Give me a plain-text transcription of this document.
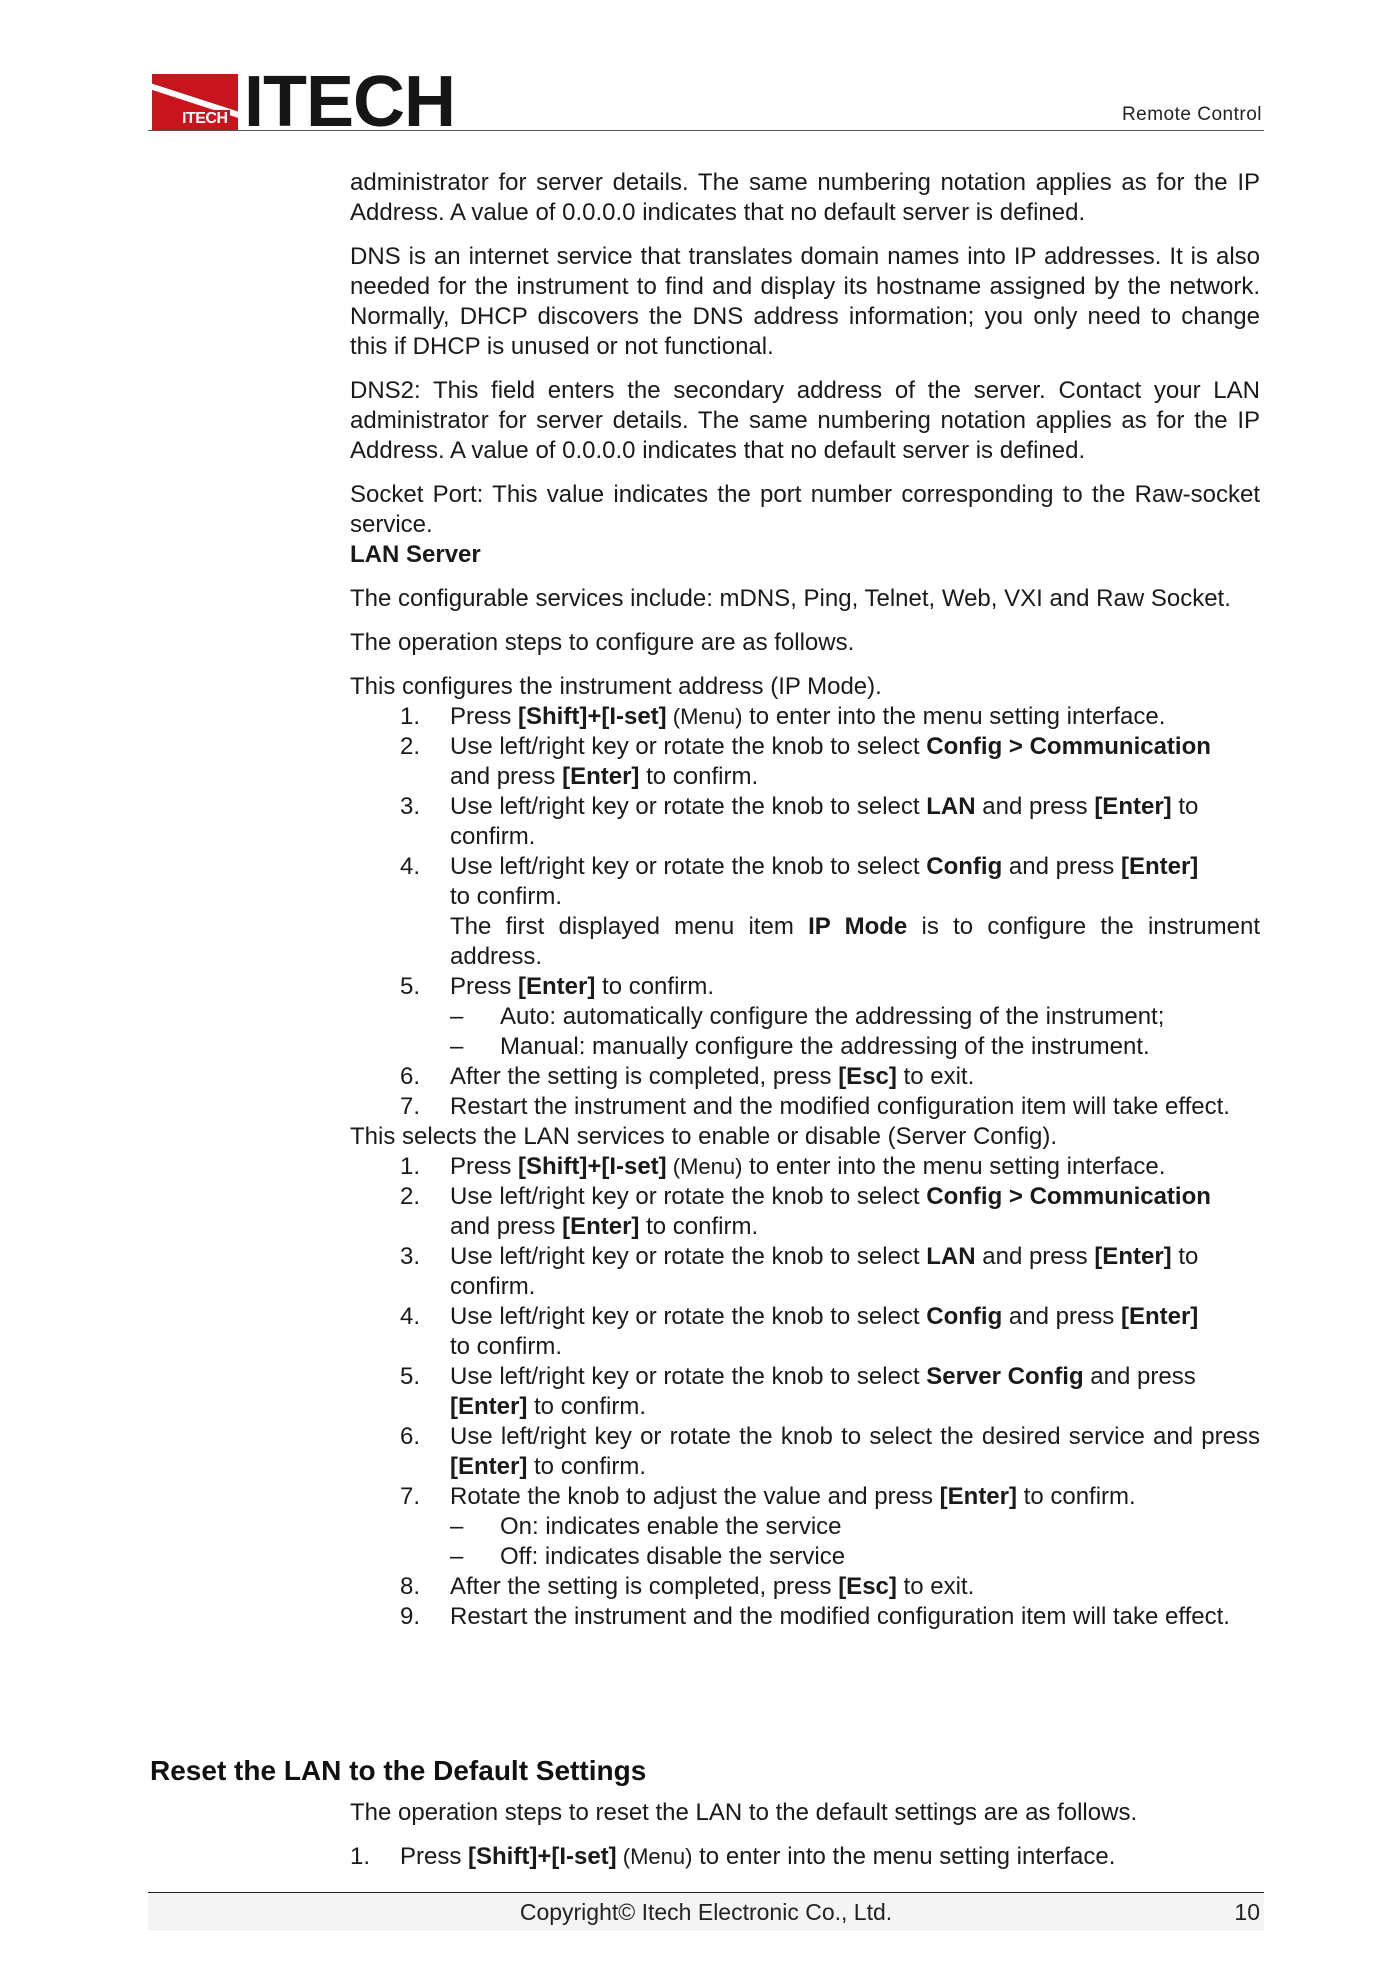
ITECH ITECH	Remote Control

administrator for server details. The same numbering notation applies as for the IP Address. A value of 0.0.0.0 indicates that no default server is defined.

DNS is an internet service that translates domain names into IP addresses. It is also needed for the instrument to find and display its hostname assigned by the network. Normally, DHCP discovers the DNS address information; you only need to change this if DHCP is unused or not functional.

DNS2: This field enters the secondary address of the server. Contact your LAN administrator for server details. The same numbering notation applies as for the IP Address. A value of 0.0.0.0 indicates that no default server is defined.

Socket Port: This value indicates the port number corresponding to the Raw-socket service.

LAN Server

The configurable services include: mDNS, Ping, Telnet, Web, VXI and Raw Socket.

The operation steps to configure are as follows.

This configures the instrument address (IP Mode).

1. Press [Shift]+[I-set] (Menu) to enter into the menu setting interface.
2. Use left/right key or rotate the knob to select Config > Communication
and press [Enter] to confirm.
3. Use left/right key or rotate the knob to select LAN and press [Enter] to
confirm.
4. Use left/right key or rotate the knob to select Config and press [Enter]
to confirm.
The first displayed menu item IP Mode is to configure the instrument address.
5. Press [Enter] to confirm.
– Auto: automatically configure the addressing of the instrument;
– Manual: manually configure the addressing of the instrument.
6. After the setting is completed, press [Esc] to exit.
7. Restart the instrument and the modified configuration item will take effect.

This selects the LAN services to enable or disable (Server Config).

1. Press [Shift]+[I-set] (Menu) to enter into the menu setting interface.
2. Use left/right key or rotate the knob to select Config > Communication
and press [Enter] to confirm.
3. Use left/right key or rotate the knob to select LAN and press [Enter] to
confirm.
4. Use left/right key or rotate the knob to select Config and press [Enter]
to confirm.
5. Use left/right key or rotate the knob to select Server Config and press
[Enter] to confirm.
6. Use left/right key or rotate the knob to select the desired service and press [Enter] to confirm.
7. Rotate the knob to adjust the value and press [Enter] to confirm.
– On: indicates enable the service
– Off: indicates disable the service
8. After the setting is completed, press [Esc] to exit.
9. Restart the instrument and the modified configuration item will take effect.
Reset the LAN to the Default Settings

The operation steps to reset the LAN to the default settings are as follows.

1. Press [Shift]+[I-set] (Menu) to enter into the menu setting interface.
Copyright© Itech Electronic Co., Ltd.	10
